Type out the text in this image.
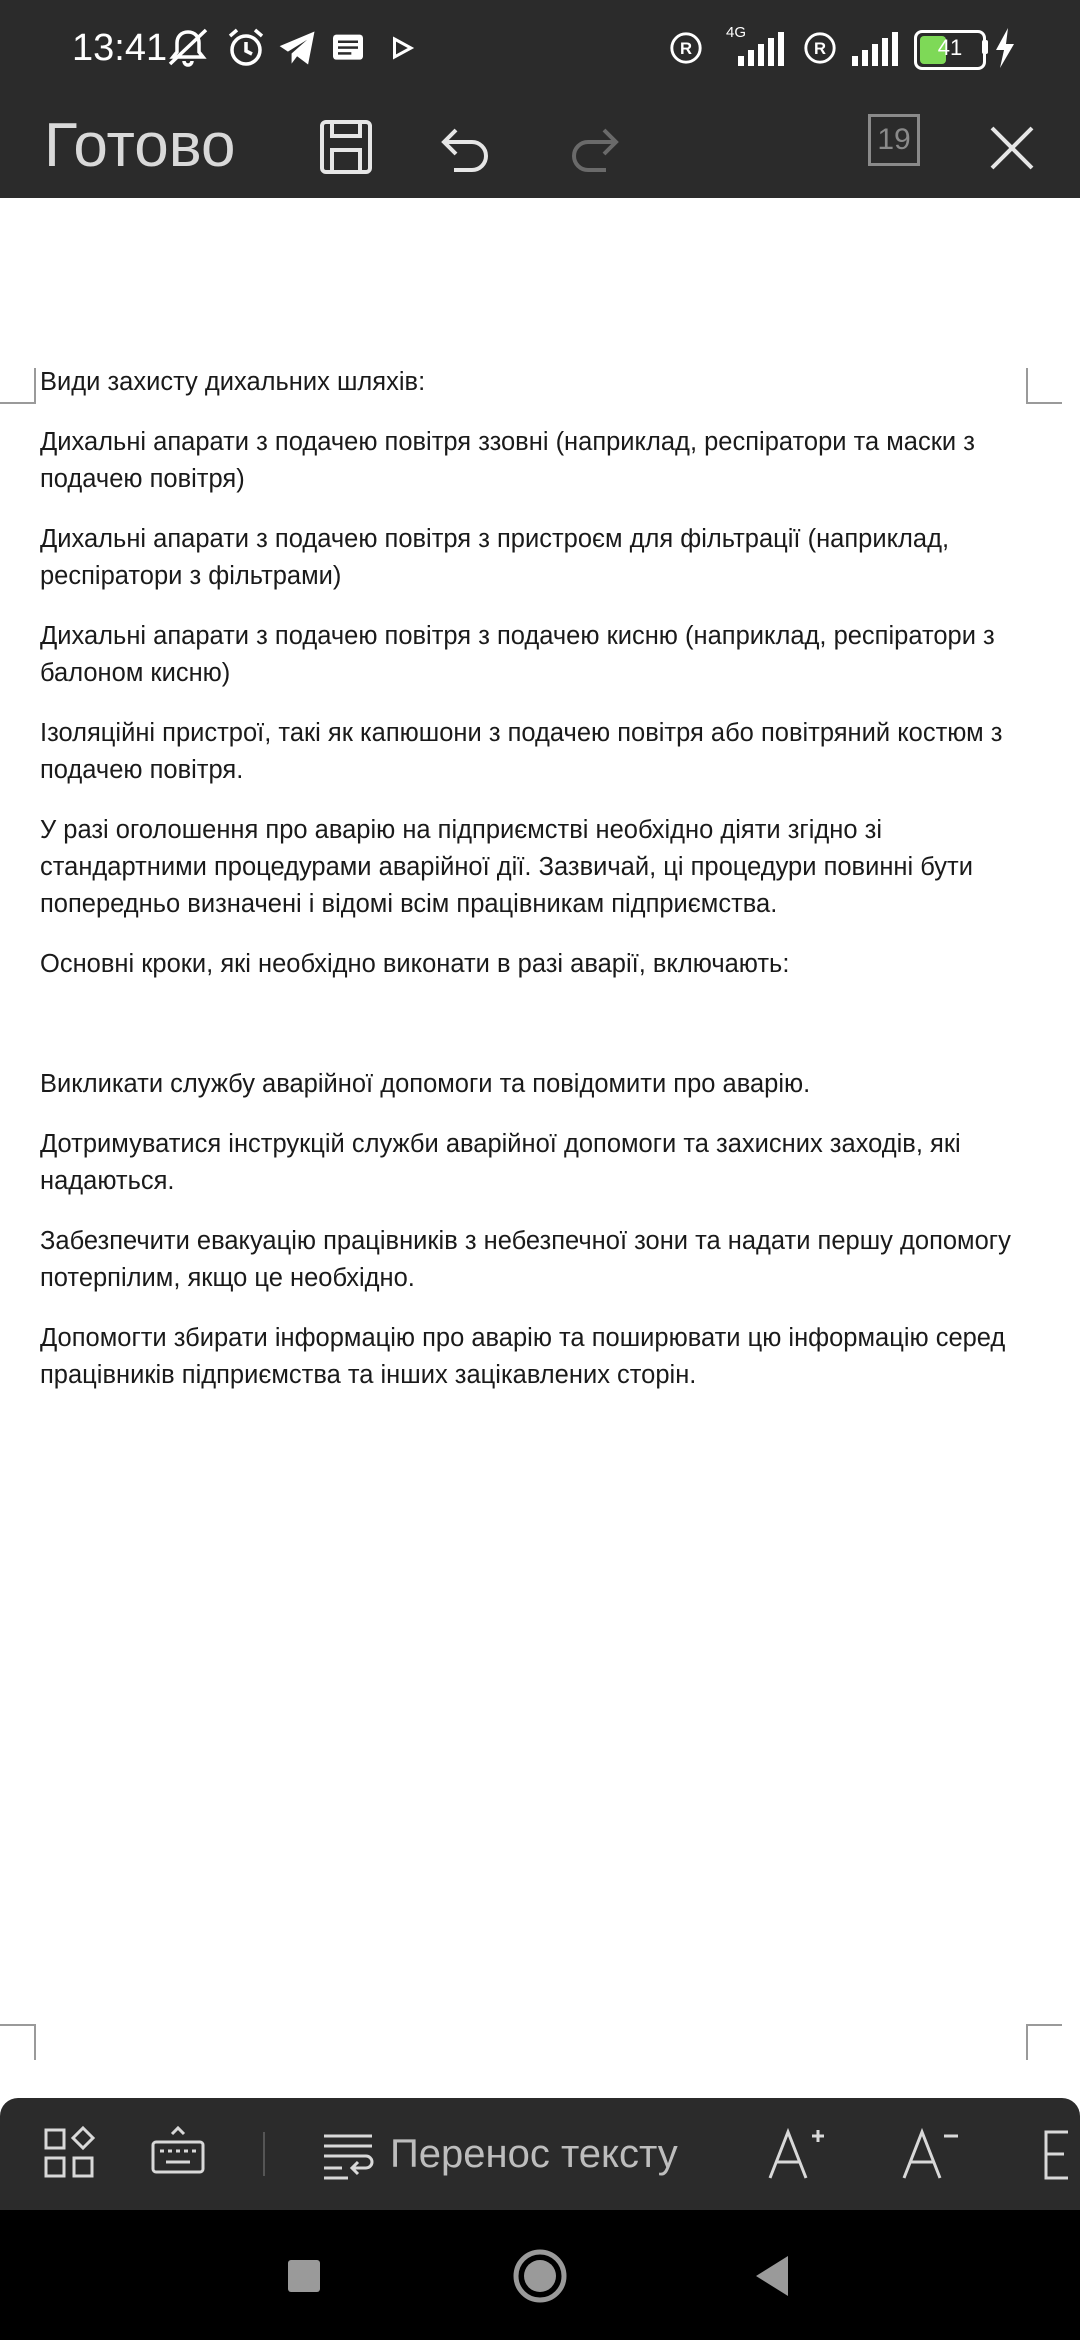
13:41	R
4G
R	41
Готово	19

Види захисту дихальних шляхів:

Дихальні апарати з подачею повітря ззовні (наприклад, респіратори та маски з подачею повітря)

Дихальні апарати з подачею повітря з пристроєм для фільтрації (наприклад, респіратори з фільтрами)

Дихальні апарати з подачею повітря з подачею кисню (наприклад, респіратори з балоном кисню)

Ізоляційні пристрої, такі як капюшони з подачею повітря або повітряний костюм з подачею повітря.

У разі оголошення про аварію на підприємстві необхідно діяти згідно зі стандартними процедурами аварійної дії. Зазвичай, ці процедури повинні бути попередньо визначені і відомі всім працівникам підприємства.

Основні кроки, які необхідно виконати в разі аварії, включають:

Викликати службу аварійної допомоги та повідомити про аварію.

Дотримуватися інструкцій служби аварійної допомоги та захисних заходів, які надаються.

Забезпечити евакуацію працівників з небезпечної зони та надати першу допомогу потерпілим, якщо це необхідно.

Допомогти збирати інформацію про аварію та поширювати цю інформацію серед працівників підприємства та інших зацікавлених сторін.

Перенос тексту
